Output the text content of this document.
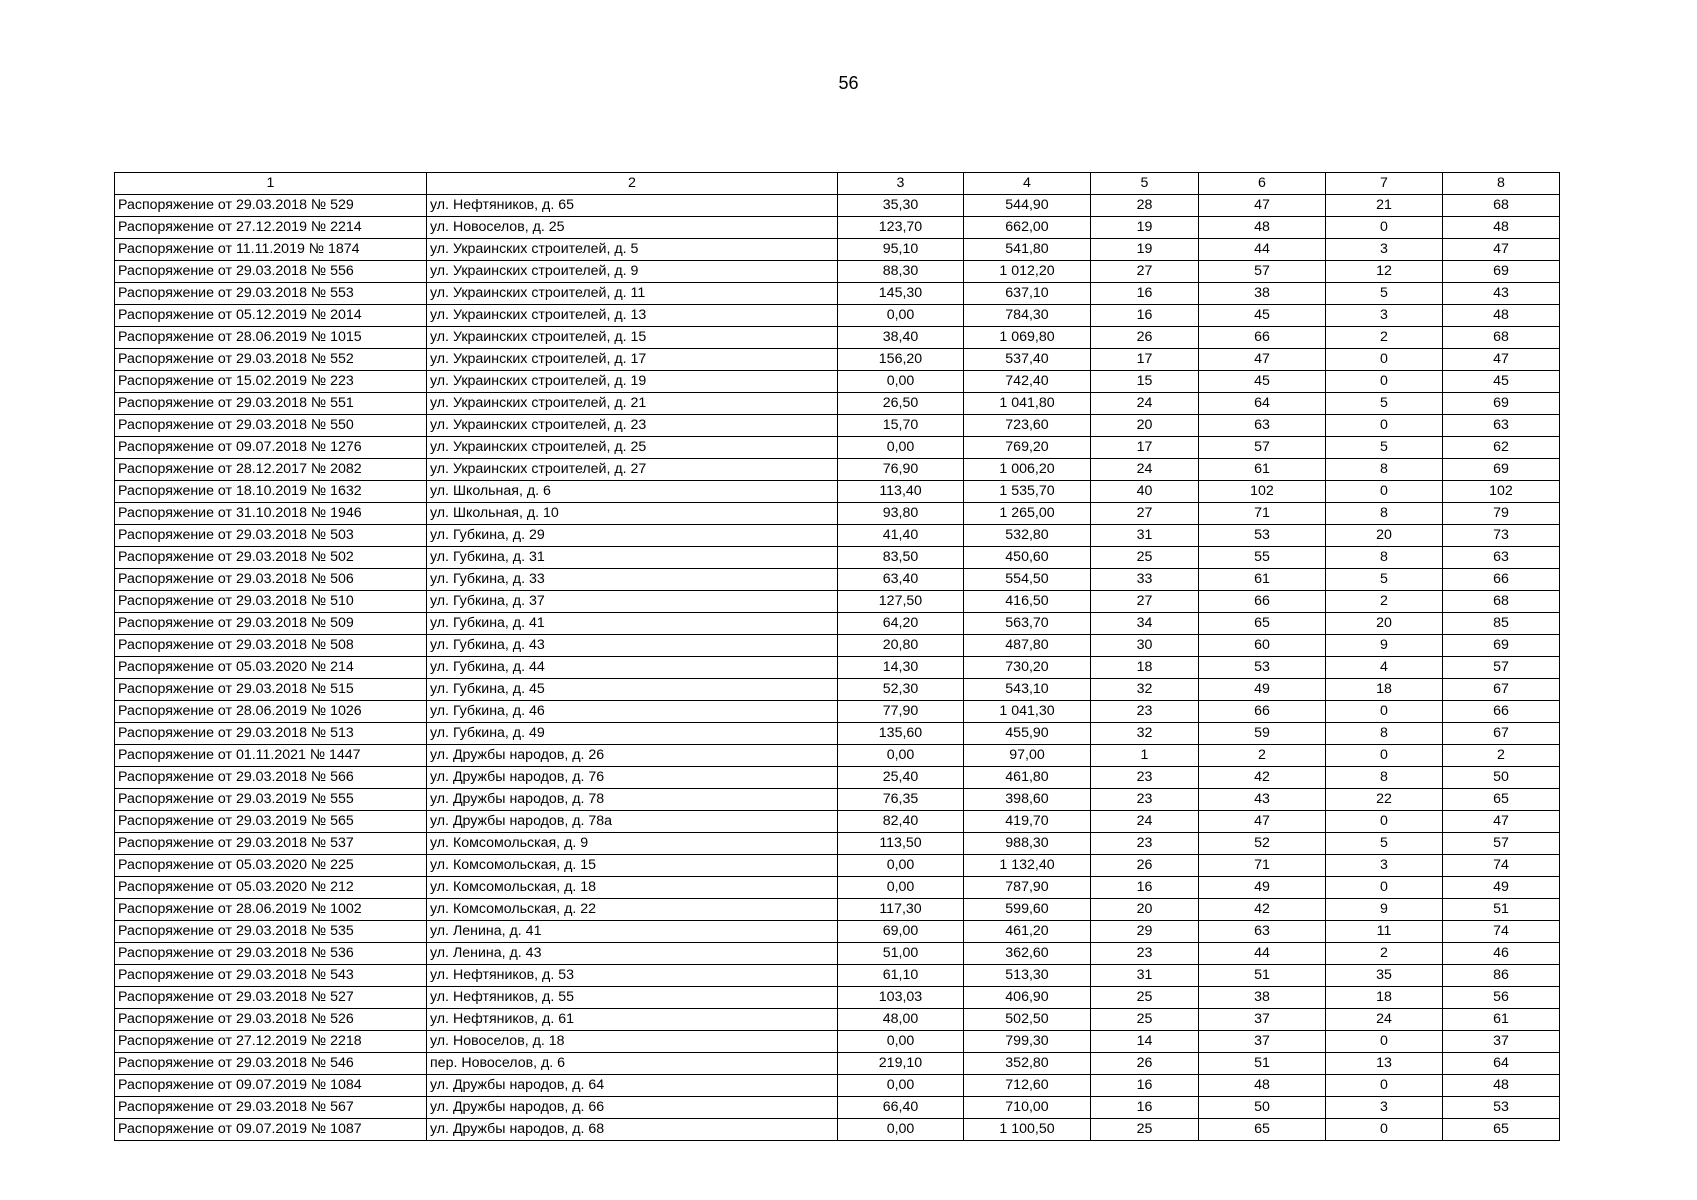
56
1	2	3	4	5	6	7	8
Распоряжение от 29.03.2018 № 529	ул. Нефтяников, д. 65	35,30	544,90	28	47	21	68
Распоряжение от 27.12.2019 № 2214	ул. Новоселов, д. 25	123,70	662,00	19	48	0	48
Распоряжение от 11.11.2019 № 1874	ул. Украинских строителей, д. 5	95,10	541,80	19	44	3	47
Распоряжение от 29.03.2018 № 556	ул. Украинских строителей, д. 9	88,30	1 012,20	27	57	12	69
Распоряжение от 29.03.2018 № 553	ул. Украинских строителей, д. 11	145,30	637,10	16	38	5	43
Распоряжение от 05.12.2019 № 2014	ул. Украинских строителей, д. 13	0,00	784,30	16	45	3	48
Распоряжение от 28.06.2019 № 1015	ул. Украинских строителей, д. 15	38,40	1 069,80	26	66	2	68
Распоряжение от 29.03.2018 № 552	ул. Украинских строителей, д. 17	156,20	537,40	17	47	0	47
Распоряжение от 15.02.2019 № 223	ул. Украинских строителей, д. 19	0,00	742,40	15	45	0	45
Распоряжение от 29.03.2018 № 551	ул. Украинских строителей, д. 21	26,50	1 041,80	24	64	5	69
Распоряжение от 29.03.2018 № 550	ул. Украинских строителей, д. 23	15,70	723,60	20	63	0	63
Распоряжение от 09.07.2018 № 1276	ул. Украинских строителей, д. 25	0,00	769,20	17	57	5	62
Распоряжение от 28.12.2017 № 2082	ул. Украинских строителей, д. 27	76,90	1 006,20	24	61	8	69
Распоряжение от 18.10.2019 № 1632	ул. Школьная, д. 6	113,40	1 535,70	40	102	0	102
Распоряжение от 31.10.2018 № 1946	ул. Школьная, д. 10	93,80	1 265,00	27	71	8	79
Распоряжение от 29.03.2018 № 503	ул. Губкина, д. 29	41,40	532,80	31	53	20	73
Распоряжение от 29.03.2018 № 502	ул. Губкина, д. 31	83,50	450,60	25	55	8	63
Распоряжение от 29.03.2018 № 506	ул. Губкина, д. 33	63,40	554,50	33	61	5	66
Распоряжение от 29.03.2018 № 510	ул. Губкина, д. 37	127,50	416,50	27	66	2	68
Распоряжение от 29.03.2018 № 509	ул. Губкина, д. 41	64,20	563,70	34	65	20	85
Распоряжение от 29.03.2018 № 508	ул. Губкина, д. 43	20,80	487,80	30	60	9	69
Распоряжение от 05.03.2020 № 214	ул. Губкина, д. 44	14,30	730,20	18	53	4	57
Распоряжение от 29.03.2018 № 515	ул. Губкина, д. 45	52,30	543,10	32	49	18	67
Распоряжение от 28.06.2019 № 1026	ул. Губкина, д. 46	77,90	1 041,30	23	66	0	66
Распоряжение от 29.03.2018 № 513	ул. Губкина, д. 49	135,60	455,90	32	59	8	67
Распоряжение от 01.11.2021 № 1447	ул. Дружбы народов, д. 26	0,00	97,00	1	2	0	2
Распоряжение от 29.03.2018 № 566	ул. Дружбы народов, д. 76	25,40	461,80	23	42	8	50
Распоряжение от 29.03.2019 № 555	ул. Дружбы народов, д. 78	76,35	398,60	23	43	22	65
Распоряжение от 29.03.2019 № 565	ул. Дружбы народов, д. 78а	82,40	419,70	24	47	0	47
Распоряжение от 29.03.2018 № 537	ул. Комсомольская, д. 9	113,50	988,30	23	52	5	57
Распоряжение от 05.03.2020 № 225	ул. Комсомольская, д. 15	0,00	1 132,40	26	71	3	74
Распоряжение от 05.03.2020 № 212	ул. Комсомольская, д. 18	0,00	787,90	16	49	0	49
Распоряжение от 28.06.2019 № 1002	ул. Комсомольская, д. 22	117,30	599,60	20	42	9	51
Распоряжение от 29.03.2018 № 535	ул. Ленина, д. 41	69,00	461,20	29	63	11	74
Распоряжение от 29.03.2018 № 536	ул. Ленина, д. 43	51,00	362,60	23	44	2	46
Распоряжение от 29.03.2018 № 543	ул. Нефтяников, д. 53	61,10	513,30	31	51	35	86
Распоряжение от 29.03.2018 № 527	ул. Нефтяников, д. 55	103,03	406,90	25	38	18	56
Распоряжение от 29.03.2018 № 526	ул. Нефтяников, д. 61	48,00	502,50	25	37	24	61
Распоряжение от 27.12.2019 № 2218	ул. Новоселов, д. 18	0,00	799,30	14	37	0	37
Распоряжение от 29.03.2018 № 546	пер. Новоселов, д. 6	219,10	352,80	26	51	13	64
Распоряжение от 09.07.2019 № 1084	ул. Дружбы народов, д. 64	0,00	712,60	16	48	0	48
Распоряжение от 29.03.2018 № 567	ул. Дружбы народов, д. 66	66,40	710,00	16	50	3	53
Распоряжение от 09.07.2019 № 1087	ул. Дружбы народов, д. 68	0,00	1 100,50	25	65	0	65
